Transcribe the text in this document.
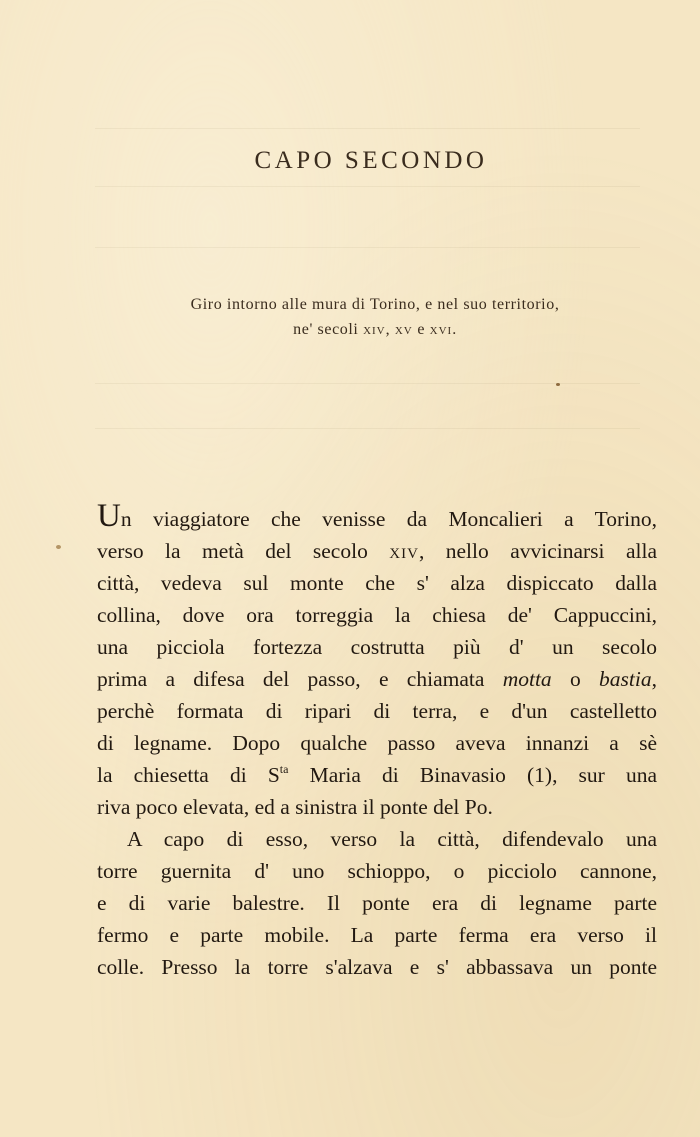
CAPO SECONDO
Giro intorno alle mura di Torino, e nel suo territorio,
ne' secoli xiv, xv e xvi.
Un viaggiatore che venisse da Moncalieri a Torino,
verso la metà del secolo xiv, nello avvicinarsi alla
città, vedeva sul monte che s' alza dispiccato dalla
collina, dove ora torreggia la chiesa de' Cappuccini,
una picciola fortezza costrutta più d' un secolo
prima a difesa del passo, e chiamata motta o bastia,
perchè formata di ripari di terra, e d'un castelletto
di legname. Dopo qualche passo aveva innanzi a sè
la chiesetta di $S^{ta}$ Maria di Binavasio (1), sur una
riva poco elevata, ed a sinistra il ponte del Po.
A capo di esso, verso la città, difendevalo una
torre guernita d' uno schioppo, o picciolo cannone,
e di varie balestre. Il ponte era di legname parte
fermo e parte mobile. La parte ferma era verso il
colle. Presso la torre s'alzava e s' abbassava un ponte
